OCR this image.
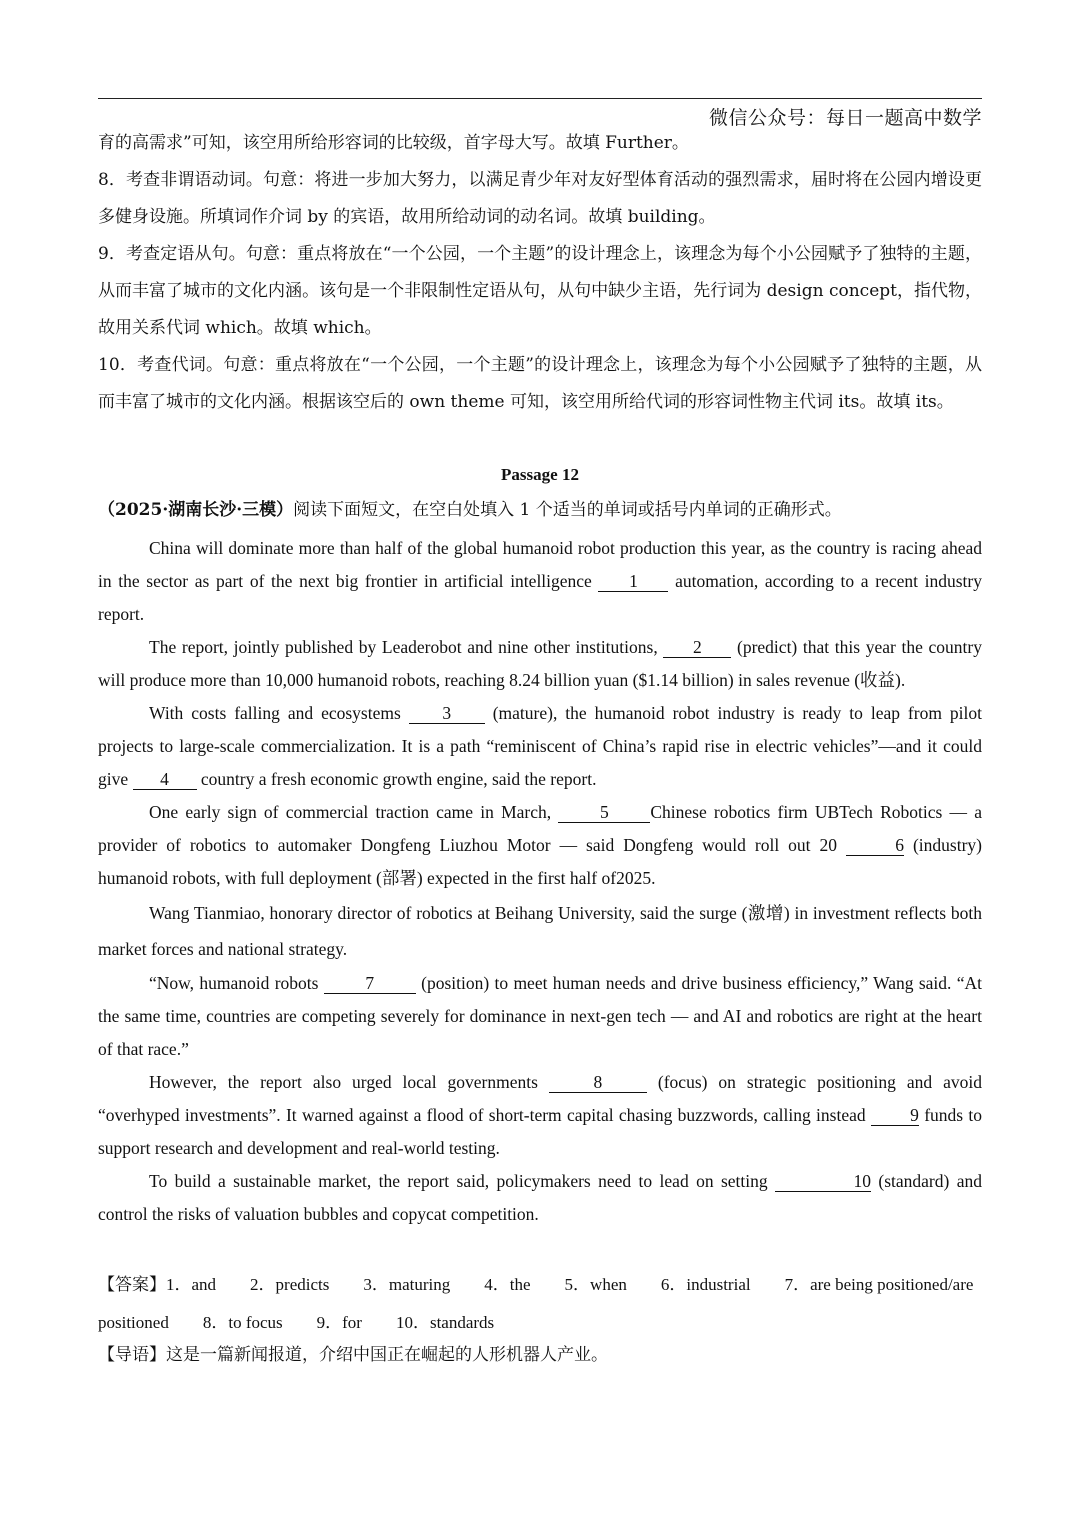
微信公众号：每日一题高中数学

育的高需求”可知，该空用所给形容词的比较级，首字母大写。故填 Further。

8．考查非谓语动词。句意：将进一步加大努力，以满足青少年对友好型体育活动的强烈需求，届时将在公园内增设更多健身设施。所填词作介词 by 的宾语，故用所给动词的动名词。故填 building。

9．考查定语从句。句意：重点将放在“一个公园，一个主题”的设计理念上，该理念为每个小公园赋予了独特的主题，从而丰富了城市的文化内涵。该句是一个非限制性定语从句，从句中缺少主语，先行词为 design concept，指代物，故用关系代词 which。故填 which。

10．考查代词。句意：重点将放在“一个公园，一个主题”的设计理念上，该理念为每个小公园赋予了独特的主题，从而丰富了城市的文化内涵。根据该空后的 own theme 可知，该空用所给代词的形容词性物主代词 its。故填 its。

Passage 12
（2025·湖南长沙·三模）阅读下面短文，在空白处填入 1 个适当的单词或括号内单词的正确形式。

China will dominate more than half of the global humanoid robot production this year, as the country is racing ahead in the sector as part of the next big frontier in artificial intelligence 1 automation, according to a recent industry report.

The report, jointly published by Leaderobot and nine other institutions, 2 (predict) that this year the country will produce more than 10,000 humanoid robots, reaching 8.24 billion yuan ($1.14 billion) in sales revenue (收益).

With costs falling and ecosystems 3 (mature), the humanoid robot industry is ready to leap from pilot projects to large-scale commercialization. It is a path “reminiscent of China’s rapid rise in electric vehicles”—and it could give 4 country a fresh economic growth engine, said the report.

One early sign of commercial traction came in March, 5 Chinese robotics firm UBTech Robotics — a provider of robotics to automaker Dongfeng Liuzhou Motor — said Dongfeng would roll out 20	6 (industry) humanoid robots, with full deployment (部署) expected in the first half of2025.

Wang Tianmiao, honorary director of robotics at Beihang University, said the surge (激增) in investment reflects both market forces and national strategy.

“Now, humanoid robots 7 (position) to meet human needs and drive business efficiency,” Wang said. “At the same time, countries are competing severely for dominance in next-gen tech — and AI and robotics are right at the heart of that race.”

However, the report also urged local governments	8	(focus) on strategic positioning and avoid “overhyped investments”. It warned against a flood of short-term capital chasing buzzwords, calling instead 9 funds to support research and development and real-world testing.

To build a sustainable market, the report said, policymakers need to lead on setting	10 (standard) and control the risks of valuation bubbles and copycat competition.

【答案】1．and 2．predicts 3．maturing 4．the 5．when 6．industrial 7．are being positioned/are positioned 8．to focus 9．for 10．standards

【导语】这是一篇新闻报道，介绍中国正在崛起的人形机器人产业。
